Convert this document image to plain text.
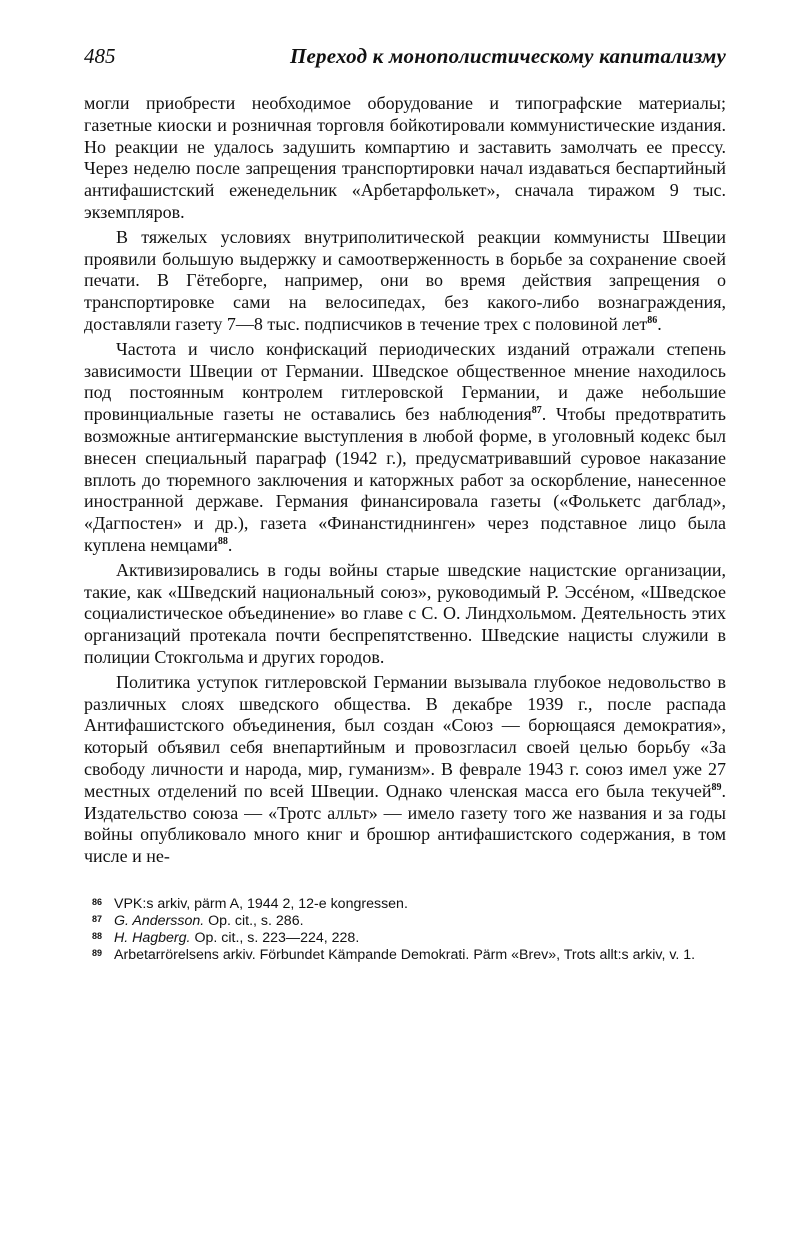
485	Переход к монополистическому капитализму

могли приобрести необходимое оборудование и типографские материалы; газетные киоски и розничная торговля бойкотировали коммунистические издания. Но реакции не удалось задушить компартию и заставить замолчать ее прессу. Через неделю после запрещения транспортировки начал издаваться беспартийный антифашистский еженедельник «Арбетарфолькет», сначала тиражом 9 тыс. экземпляров.

В тяжелых условиях внутриполитической реакции коммунисты Швеции проявили большую выдержку и самоотверженность в борьбе за сохранение своей печати. В Гётеборге, например, они во время действия запрещения о транспортировке сами на велосипедах, без какого-либо вознаграждения, доставляли газету 7—8 тыс. подписчиков в течение трех с половиной лет$^{86}$.

Частота и число конфискаций периодических изданий отражали степень зависимости Швеции от Германии. Шведское общественное мнение находилось под постоянным контролем гитлеровской Германии, и даже небольшие провинциальные газеты не оставались без наблюдения$^{87}$. Чтобы предотвратить возможные антигерманские выступления в любой форме, в уголовный кодекс был внесен специальный параграф (1942 г.), предусматривавший суровое наказание вплоть до тюремного заключения и каторжных работ за оскорбление, нанесенное иностранной державе. Германия финансировала газеты («Фолькетс дагблад», «Дагпостен» и др.), газета «Финанстиднинген» через подставное лицо была куплена немцами$^{88}$.

Активизировались в годы войны старые шведские нацистские организации, такие, как «Шведский национальный союз», руководимый Р. Эссéном, «Шведское социалистическое объединение» во главе с С. О. Линдхольмом. Деятельность этих организаций протекала почти беспрепятственно. Шведские нацисты служили в полиции Стокгольма и других городов.

Политика уступок гитлеровской Германии вызывала глубокое недовольство в различных слоях шведского общества. В декабре 1939 г., после распада Антифашистского объединения, был создан «Союз — борющаяся демократия», который объявил себя внепартийным и провозгласил своей целью борьбу «За свободу личности и народа, мир, гуманизм». В феврале 1943 г. союз имел уже 27 местных отделений по всей Швеции. Однако членская масса его была текучей$^{89}$. Издательство союза — «Тротс алльт» — имело газету того же названия и за годы войны опубликовало много книг и брошюр антифашистского содержания, в том числе и не-

86 VPK:s arkiv, pärm A, 1944 2, 12-e kongressen.
87 G. Andersson. Op. cit., s. 286.
88 H. Hagberg. Op. cit., s. 223—224, 228.
89 Arbetarrörelsens arkiv. Förbundet Kämpande Demokrati. Pärm «Brev», Trots allt:s arkiv, v. 1.
